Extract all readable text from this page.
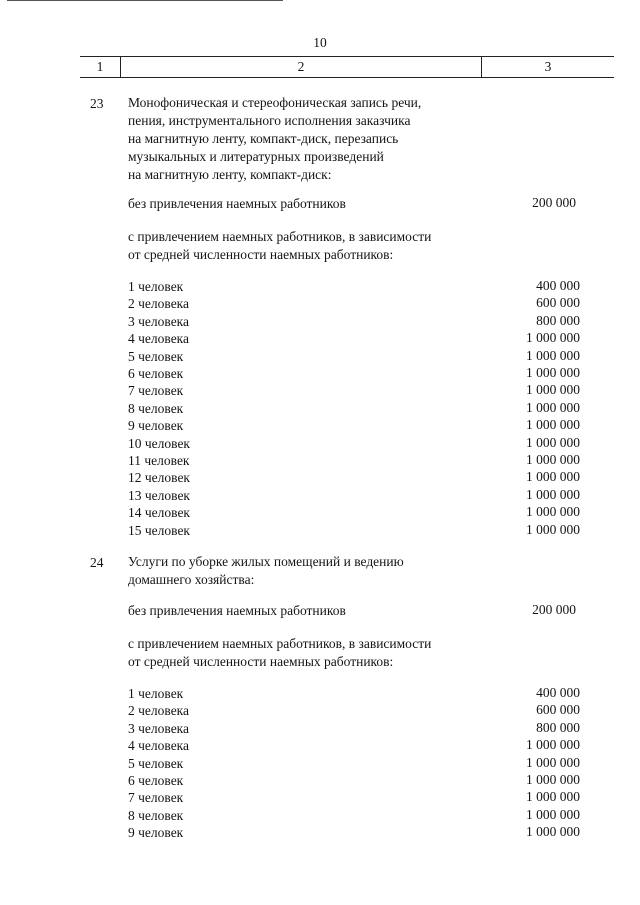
10
1	2	3
23 Монофоническая и стереофоническая запись речи,
пения, инструментального исполнения заказчика
на магнитную ленту, компакт-диск, перезапись
музыкальных и литературных произведений
на магнитную ленту, компакт-диск:
без привлечения наемных работников	200 000
с привлечением наемных работников, в зависимости
от средней численности наемных работников:
1 человек	400 000
2 человека	600 000
3 человека	800 000
4 человека	1 000 000
5 человек	1 000 000
6 человек	1 000 000
7 человек	1 000 000
8 человек	1 000 000
9 человек	1 000 000
10 человек	1 000 000
11 человек	1 000 000
12 человек	1 000 000
13 человек	1 000 000
14 человек	1 000 000
15 человек	1 000 000
24 Услуги по уборке жилых помещений и ведению
домашнего хозяйства:
без привлечения наемных работников	200 000
с привлечением наемных работников, в зависимости
от средней численности наемных работников:
1 человек	400 000
2 человека	600 000
3 человека	800 000
4 человека	1 000 000
5 человек	1 000 000
6 человек	1 000 000
7 человек	1 000 000
8 человек	1 000 000
9 человек	1 000 000
